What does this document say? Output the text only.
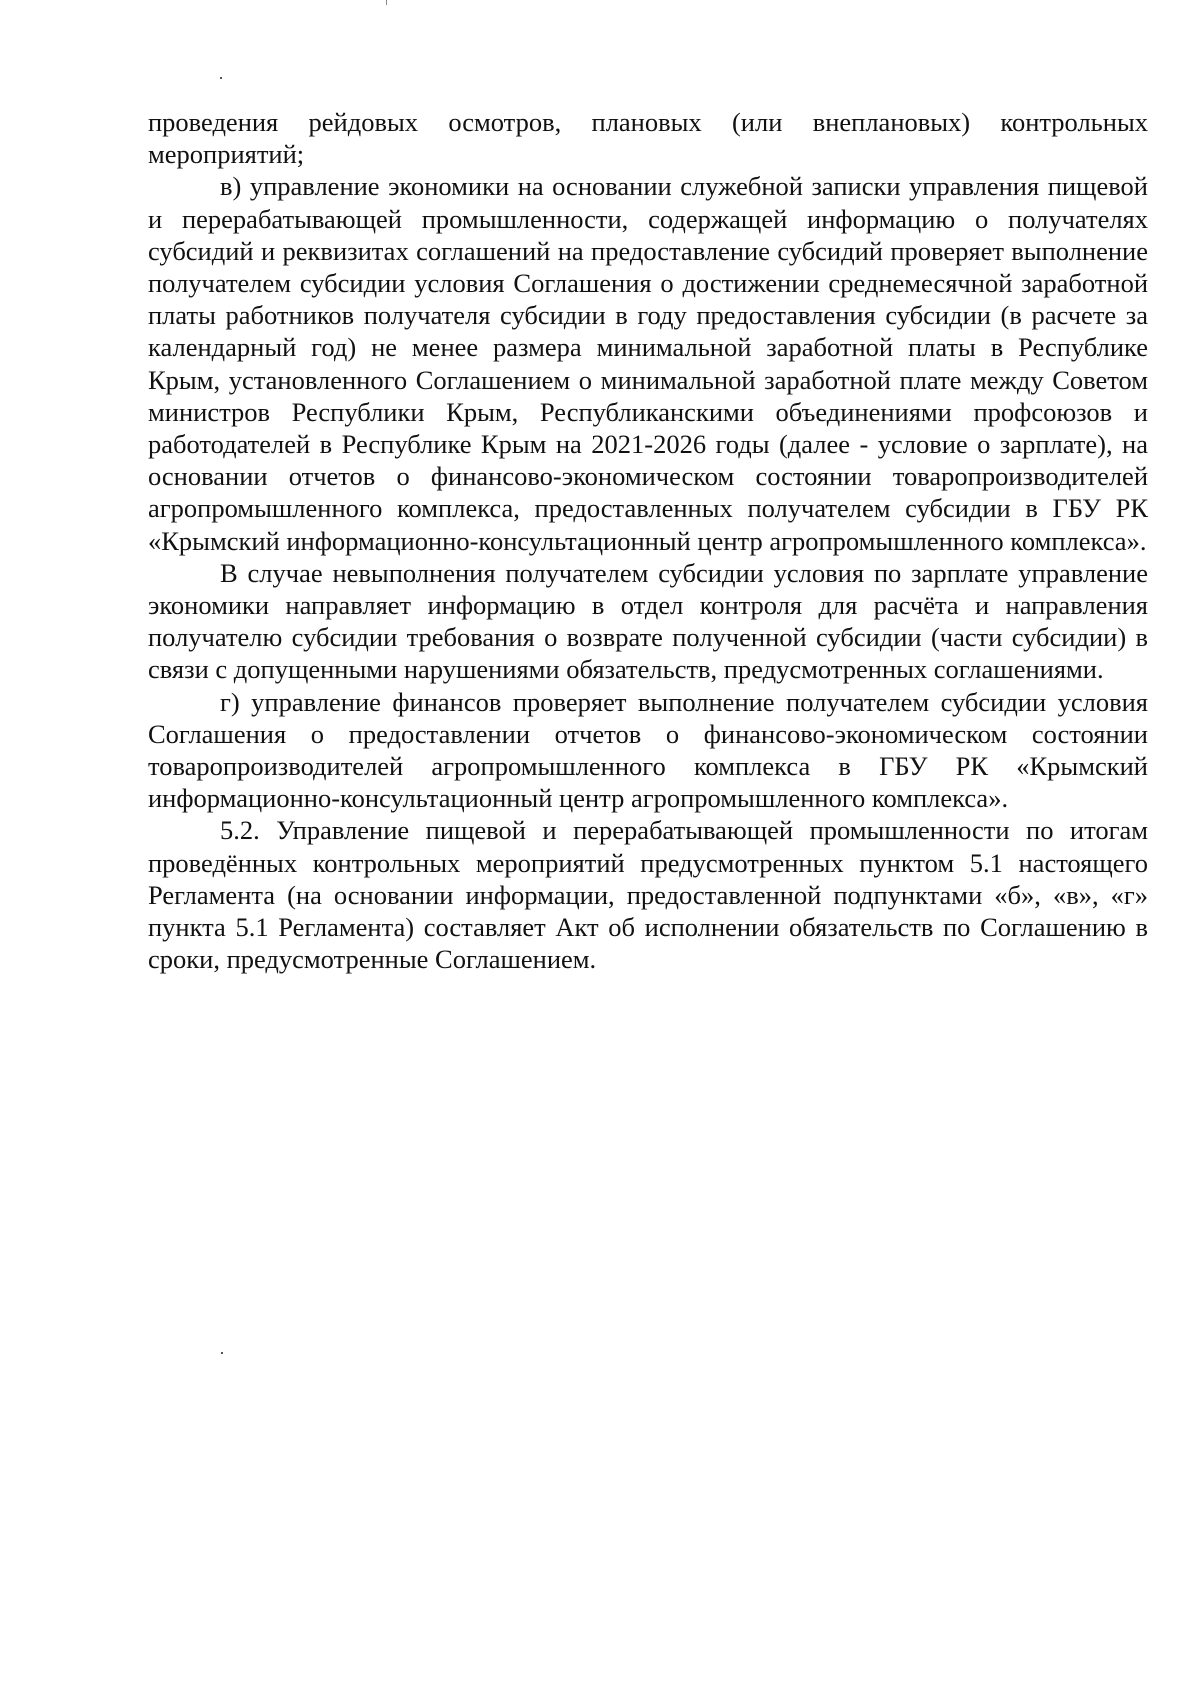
проведения рейдовых осмотров, плановых (или внеплановых) контрольных мероприятий;

в) управление экономики на основании служебной записки управления пищевой и перерабатывающей промышленности, содержащей информацию о получателях субсидий и реквизитах соглашений на предоставление субсидий проверяет выполнение получателем субсидии условия Соглашения о достижении среднемесячной заработной платы работников получателя субсидии в году предоставления субсидии (в расчете за календарный год) не менее размера минимальной заработной платы в Республике Крым, установленного Соглашением о минимальной заработной плате между Советом министров Республики Крым, Республиканскими объединениями профсоюзов и работодателей в Республике Крым на 2021-2026 годы (далее - условие о зарплате), на основании отчетов о финансово-экономическом состоянии товаропроизводителей агропромышленного комплекса, предоставленных получателем субсидии в ГБУ РК «Крымский информационно-консультационный центр агропромышленного комплекса».

В случае невыполнения получателем субсидии условия по зарплате управление экономики направляет информацию в отдел контроля для расчёта и направления получателю субсидии требования о возврате полученной субсидии (части субсидии) в связи с допущенными нарушениями обязательств, предусмотренных соглашениями.

г) управление финансов проверяет выполнение получателем субсидии условия Соглашения о предоставлении отчетов о финансово-экономическом состоянии товаропроизводителей агропромышленного комплекса в ГБУ РК «Крымский информационно-консультационный центр агропромышленного комплекса».

5.2. Управление пищевой и перерабатывающей промышленности по итогам проведённых контрольных мероприятий предусмотренных пунктом 5.1 настоящего Регламента (на основании информации, предоставленной подпунктами «б», «в», «г» пункта 5.1 Регламента) составляет Акт об исполнении обязательств по Соглашению в сроки, предусмотренные Соглашением.
